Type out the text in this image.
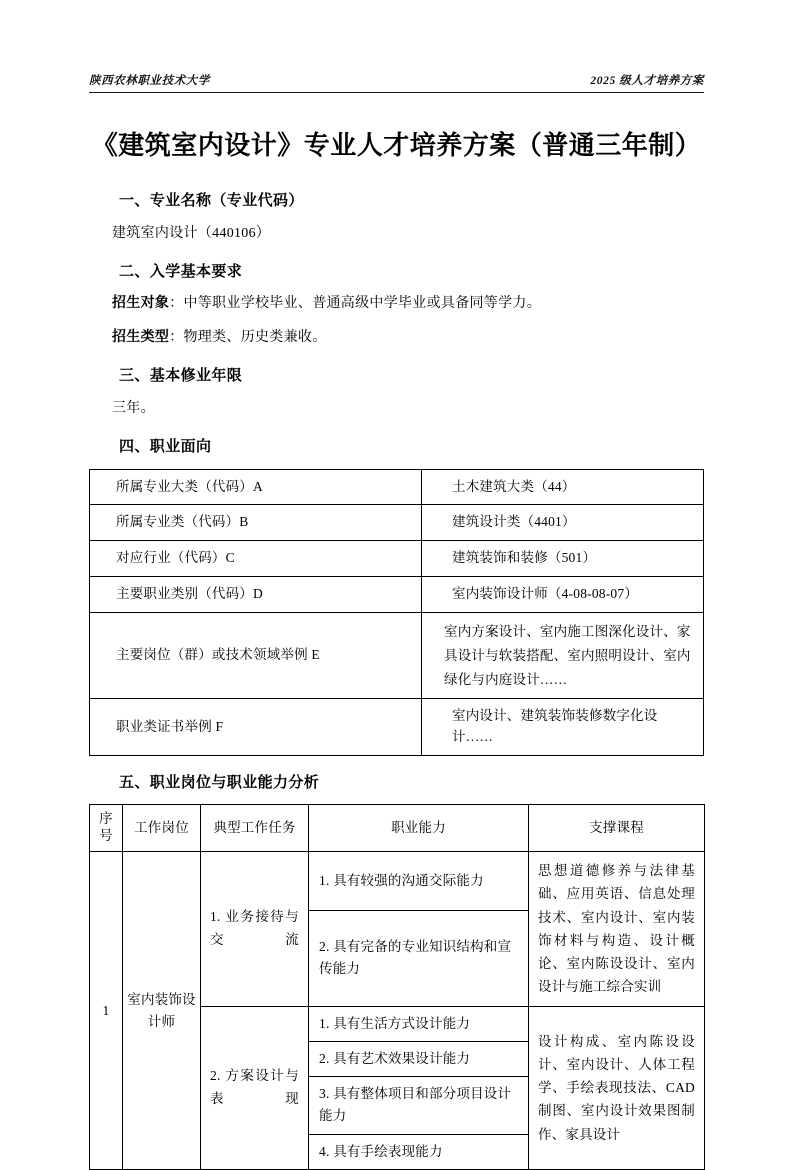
陕西农林职业技术大学	2025 级人才培养方案
《建筑室内设计》专业人才培养方案（普通三年制）
一、专业名称（专业代码）
建筑室内设计（440106）
二、入学基本要求
招生对象：中等职业学校毕业、普通高级中学毕业或具备同等学力。
招生类型：物理类、历史类兼收。
三、基本修业年限
三年。
四、职业面向
所属专业大类（代码）A	土木建筑大类（44）
所属专业类（代码）B	建筑设计类（4401）
对应行业（代码）C	建筑装饰和装修（501）
主要职业类别（代码）D	室内装饰设计师（4-08-08-07）
主要岗位（群）或技术领域举例 E	室内方案设计、室内施工图深化设计、家具设计与软装搭配、室内照明设计、室内绿化与内庭设计……
职业类证书举例 F	室内设计、建筑装饰装修数字化设计……
五、职业岗位与职业能力分析
序
号	工作岗位	典型工作任务	职业能力	支撑课程
1	室内装饰设计师	1. 业务接待与交流	1. 具有较强的沟通交际能力	思想道德修养与法律基础、应用英语、信息处理技术、室内设计、室内装饰材料与构造、设计概论、室内陈设设计、室内设计与施工综合实训
			2. 具有完备的专业知识结构和宣传能力	
		2. 方案设计与表现	1. 具有生活方式设计能力	设计构成、室内陈设设计、室内设计、人体工程学、手绘表现技法、CAD 制图、室内设计效果图制作、家具设计
			2. 具有艺术效果设计能力	
			3. 具有整体项目和部分项目设计能力	
			4. 具有手绘表现能力	
